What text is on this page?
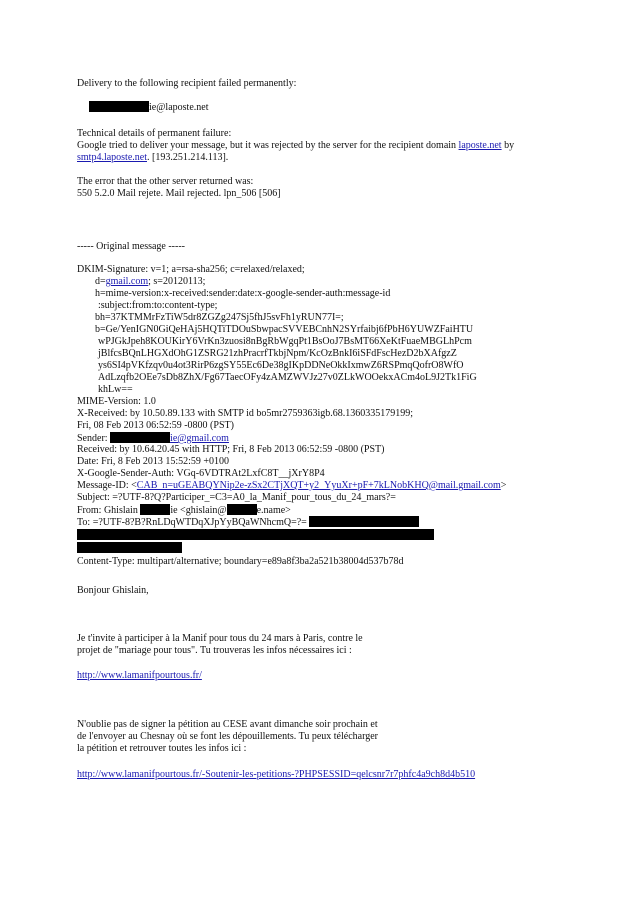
Delivery to the following recipient failed permanently:
ie@laposte.net
Technical details of permanent failure:
Google tried to deliver your message, but it was rejected by the server for the recipient domain laposte.net by
smtp4.laposte.net. [193.251.214.113].
The error that the other server returned was:
550 5.2.0 Mail rejete. Mail rejected. lpn_506 [506]
----- Original message -----
DKIM-Signature: v=1; a=rsa-sha256; c=relaxed/relaxed;
d=gmail.com; s=20120113;
h=mime-version:x-received:sender:date:x-google-sender-auth:message-id
:subject:from:to:content-type;
bh=37KTMMrFzTiW5dr8ZGZg247Sj5fhJ5svFh1yRUN77I=;
b=Ge/YenIGN0GiQeHAj5HQTiTDOuSbwpacSVVEBCnhN2SYrfaibj6fPbH6YUWZFaiHTU
wPJGkJpeh8KOUKirY6VrKn3zuosi8nBgRbWgqPt1BsOoJ7BsMT66XeKtFuaeMBGLhPcm
jBlfcsBQnLHGXdOhG1ZSRG21zhPracrfTkbjNpm/KcOzBnkI6iSFdFscHezD2bXAfgzZ
ys6SI4pVKfzqv0u4ot3RirP6zgSY55Ec6De38gIKpDDNeOkkIxmwZ6RSPmqQofrO8WfO
AdLzqfb2OEe7sDb8ZhX/Fg67TaecOFy4zAMZWVJz27v0ZLkWOOekxACm4oL9J2Tk1FiG
khLw==
MIME-Version: 1.0
X-Received: by 10.50.89.133 with SMTP id bo5mr2759363igb.68.1360335179199;
Fri, 08 Feb 2013 06:52:59 -0800 (PST)
Sender:	ie@gmail.com
Received: by 10.64.20.45 with HTTP; Fri, 8 Feb 2013 06:52:59 -0800 (PST)
Date: Fri, 8 Feb 2013 15:52:59 +0100
X-Google-Sender-Auth: VGq-6VDTRAt2LxfC8T__jXrY8P4
Message-ID: <CAB_n=uGEABQYNip2e-zSx2CTjXQT+y2_YyuXr+pF+7kLNobKHQ@mail.gmail.com>
Subject: =?UTF-8?Q?Participer_=C3=A0_la_Manif_pour_tous_du_24_mars?=
From: Ghislain	ie <ghislain@	e.name>
To: =?UTF-8?B?RnLDqWTDqXJpYyBQaWNhcmQ=?=
Content-Type: multipart/alternative; boundary=e89a8f3ba2a521b38004d537b78d
Bonjour Ghislain,
Je t'invite à participer à la Manif pour tous du 24 mars à Paris, contre le
projet de "mariage pour tous". Tu trouveras les infos nécessaires ici :
http://www.lamanifpourtous.fr/
N'oublie pas de signer la pétition au CESE avant dimanche soir prochain et
de l'envoyer au Chesnay où se font les dépouillements. Tu peux télécharger
la pétition et retrouver toutes les infos ici :
http://www.lamanifpourtous.fr/-Soutenir-les-petitions-?PHPSESSID=qelcsnr7r7phfc4a9ch8d4b510
